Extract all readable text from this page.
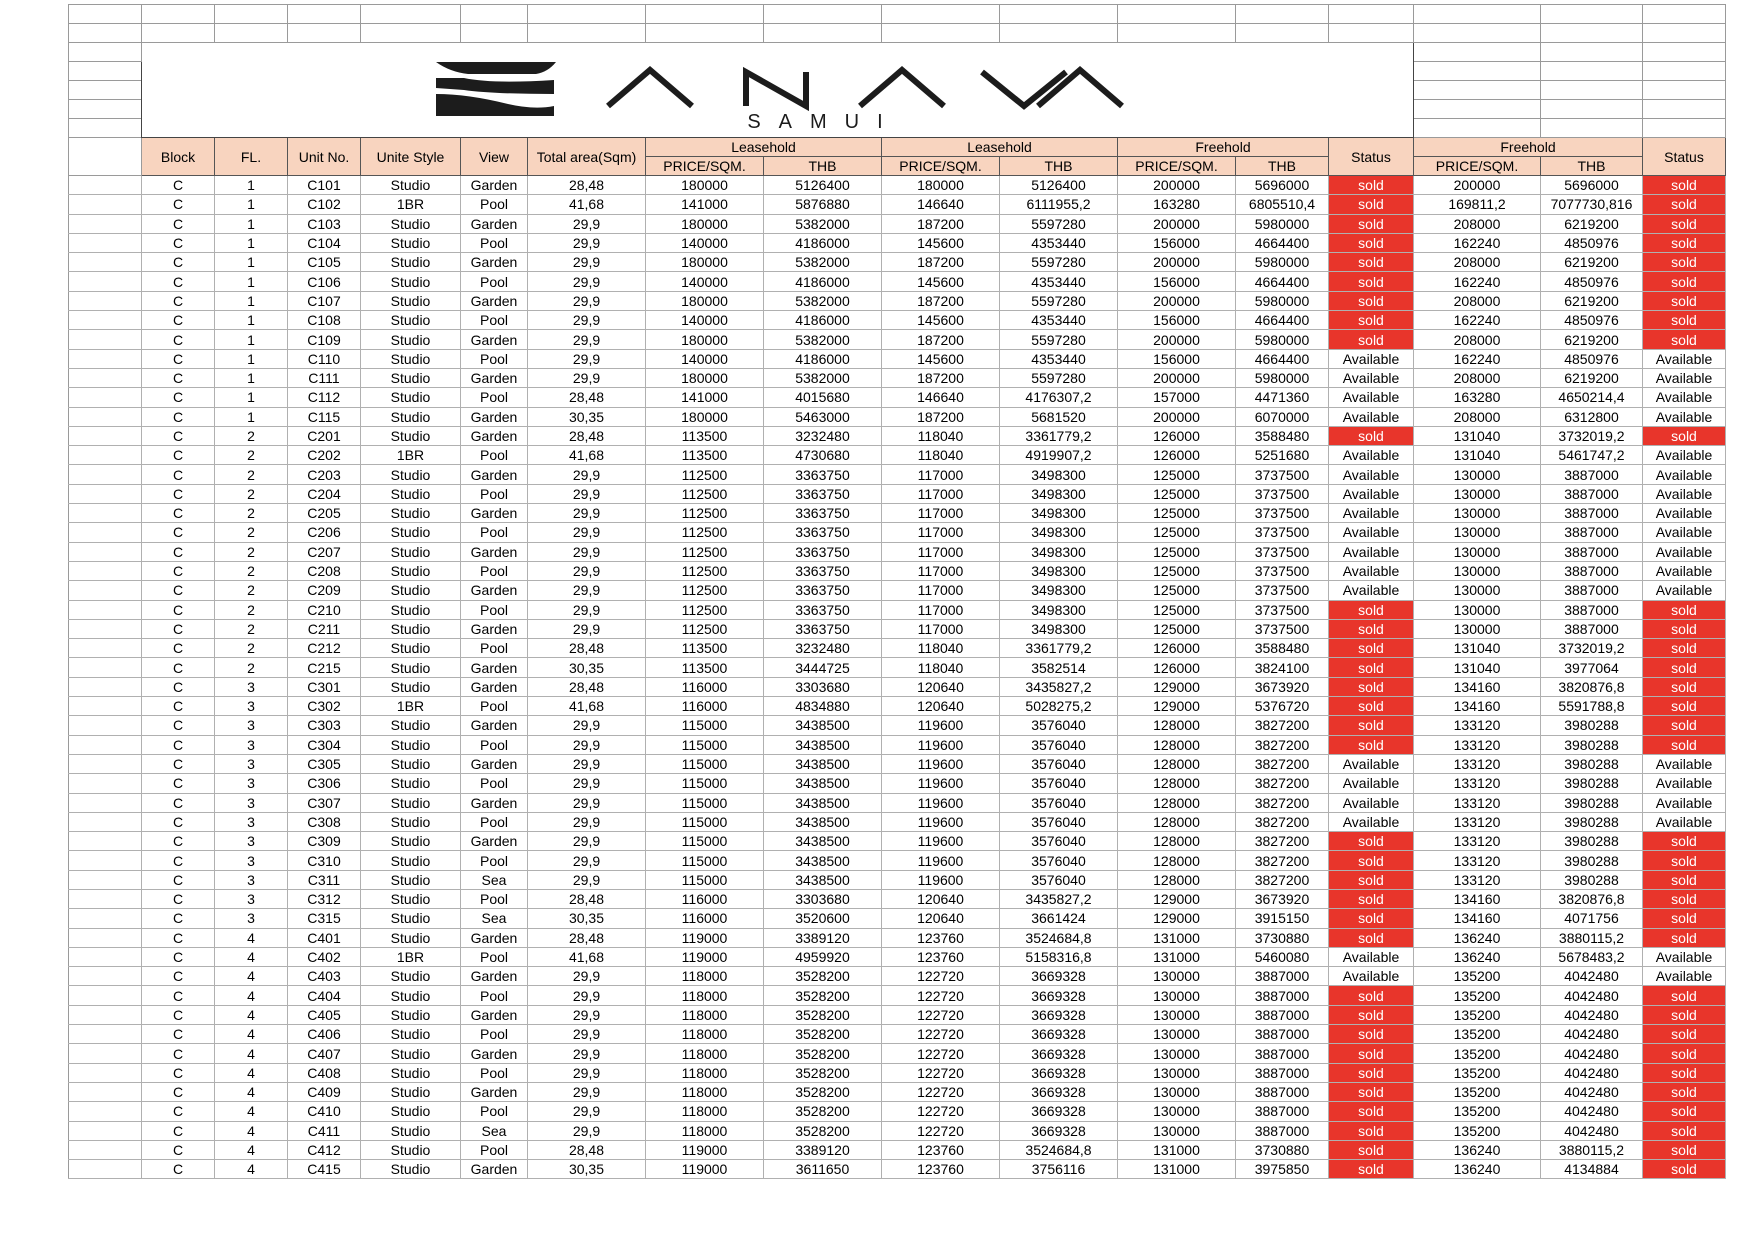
ANAVA
SAMUI															

	Block	FL.	Unit No.	Unite Style	View	Total area(Sqm)	Leasehold		Leasehold		Freehold		Status	Freehold		Status
							PRICE/SQM.	THB	PRICE/SQM.	THB	PRICE/SQM.	THB		PRICE/SQM.	THB	
	C	1	C101	Studio	Garden	28,48	180000	5126400	180000	5126400	200000	5696000	sold	200000	5696000	sold
	C	1	C102	1BR	Pool	41,68	141000	5876880	146640	6111955,2	163280	6805510,4	sold	169811,2	7077730,816	sold
	C	1	C103	Studio	Garden	29,9	180000	5382000	187200	5597280	200000	5980000	sold	208000	6219200	sold
	C	1	C104	Studio	Pool	29,9	140000	4186000	145600	4353440	156000	4664400	sold	162240	4850976	sold
	C	1	C105	Studio	Garden	29,9	180000	5382000	187200	5597280	200000	5980000	sold	208000	6219200	sold
	C	1	C106	Studio	Pool	29,9	140000	4186000	145600	4353440	156000	4664400	sold	162240	4850976	sold
	C	1	C107	Studio	Garden	29,9	180000	5382000	187200	5597280	200000	5980000	sold	208000	6219200	sold
	C	1	C108	Studio	Pool	29,9	140000	4186000	145600	4353440	156000	4664400	sold	162240	4850976	sold
	C	1	C109	Studio	Garden	29,9	180000	5382000	187200	5597280	200000	5980000	sold	208000	6219200	sold
	C	1	C110	Studio	Pool	29,9	140000	4186000	145600	4353440	156000	4664400	Available	162240	4850976	Available
	C	1	C111	Studio	Garden	29,9	180000	5382000	187200	5597280	200000	5980000	Available	208000	6219200	Available
	C	1	C112	Studio	Pool	28,48	141000	4015680	146640	4176307,2	157000	4471360	Available	163280	4650214,4	Available
	C	1	C115	Studio	Garden	30,35	180000	5463000	187200	5681520	200000	6070000	Available	208000	6312800	Available
	C	2	C201	Studio	Garden	28,48	113500	3232480	118040	3361779,2	126000	3588480	sold	131040	3732019,2	sold
	C	2	C202	1BR	Pool	41,68	113500	4730680	118040	4919907,2	126000	5251680	Available	131040	5461747,2	Available
	C	2	C203	Studio	Garden	29,9	112500	3363750	117000	3498300	125000	3737500	Available	130000	3887000	Available
	C	2	C204	Studio	Pool	29,9	112500	3363750	117000	3498300	125000	3737500	Available	130000	3887000	Available
	C	2	C205	Studio	Garden	29,9	112500	3363750	117000	3498300	125000	3737500	Available	130000	3887000	Available
	C	2	C206	Studio	Pool	29,9	112500	3363750	117000	3498300	125000	3737500	Available	130000	3887000	Available
	C	2	C207	Studio	Garden	29,9	112500	3363750	117000	3498300	125000	3737500	Available	130000	3887000	Available
	C	2	C208	Studio	Pool	29,9	112500	3363750	117000	3498300	125000	3737500	Available	130000	3887000	Available
	C	2	C209	Studio	Garden	29,9	112500	3363750	117000	3498300	125000	3737500	Available	130000	3887000	Available
	C	2	C210	Studio	Pool	29,9	112500	3363750	117000	3498300	125000	3737500	sold	130000	3887000	sold
	C	2	C211	Studio	Garden	29,9	112500	3363750	117000	3498300	125000	3737500	sold	130000	3887000	sold
	C	2	C212	Studio	Pool	28,48	113500	3232480	118040	3361779,2	126000	3588480	sold	131040	3732019,2	sold
	C	2	C215	Studio	Garden	30,35	113500	3444725	118040	3582514	126000	3824100	sold	131040	3977064	sold
	C	3	C301	Studio	Garden	28,48	116000	3303680	120640	3435827,2	129000	3673920	sold	134160	3820876,8	sold
	C	3	C302	1BR	Pool	41,68	116000	4834880	120640	5028275,2	129000	5376720	sold	134160	5591788,8	sold
	C	3	C303	Studio	Garden	29,9	115000	3438500	119600	3576040	128000	3827200	sold	133120	3980288	sold
	C	3	C304	Studio	Pool	29,9	115000	3438500	119600	3576040	128000	3827200	sold	133120	3980288	sold
	C	3	C305	Studio	Garden	29,9	115000	3438500	119600	3576040	128000	3827200	Available	133120	3980288	Available
	C	3	C306	Studio	Pool	29,9	115000	3438500	119600	3576040	128000	3827200	Available	133120	3980288	Available
	C	3	C307	Studio	Garden	29,9	115000	3438500	119600	3576040	128000	3827200	Available	133120	3980288	Available
	C	3	C308	Studio	Pool	29,9	115000	3438500	119600	3576040	128000	3827200	Available	133120	3980288	Available
	C	3	C309	Studio	Garden	29,9	115000	3438500	119600	3576040	128000	3827200	sold	133120	3980288	sold
	C	3	C310	Studio	Pool	29,9	115000	3438500	119600	3576040	128000	3827200	sold	133120	3980288	sold
	C	3	C311	Studio	Sea	29,9	115000	3438500	119600	3576040	128000	3827200	sold	133120	3980288	sold
	C	3	C312	Studio	Pool	28,48	116000	3303680	120640	3435827,2	129000	3673920	sold	134160	3820876,8	sold
	C	3	C315	Studio	Sea	30,35	116000	3520600	120640	3661424	129000	3915150	sold	134160	4071756	sold
	C	4	C401	Studio	Garden	28,48	119000	3389120	123760	3524684,8	131000	3730880	sold	136240	3880115,2	sold
	C	4	C402	1BR	Pool	41,68	119000	4959920	123760	5158316,8	131000	5460080	Available	136240	5678483,2	Available
	C	4	C403	Studio	Garden	29,9	118000	3528200	122720	3669328	130000	3887000	Available	135200	4042480	Available
	C	4	C404	Studio	Pool	29,9	118000	3528200	122720	3669328	130000	3887000	sold	135200	4042480	sold
	C	4	C405	Studio	Garden	29,9	118000	3528200	122720	3669328	130000	3887000	sold	135200	4042480	sold
	C	4	C406	Studio	Pool	29,9	118000	3528200	122720	3669328	130000	3887000	sold	135200	4042480	sold
	C	4	C407	Studio	Garden	29,9	118000	3528200	122720	3669328	130000	3887000	sold	135200	4042480	sold
	C	4	C408	Studio	Pool	29,9	118000	3528200	122720	3669328	130000	3887000	sold	135200	4042480	sold
	C	4	C409	Studio	Garden	29,9	118000	3528200	122720	3669328	130000	3887000	sold	135200	4042480	sold
	C	4	C410	Studio	Pool	29,9	118000	3528200	122720	3669328	130000	3887000	sold	135200	4042480	sold
	C	4	C411	Studio	Sea	29,9	118000	3528200	122720	3669328	130000	3887000	sold	135200	4042480	sold
	C	4	C412	Studio	Pool	28,48	119000	3389120	123760	3524684,8	131000	3730880	sold	136240	3880115,2	sold
	C	4	C415	Studio	Garden	30,35	119000	3611650	123760	3756116	131000	3975850	sold	136240	4134884	sold
